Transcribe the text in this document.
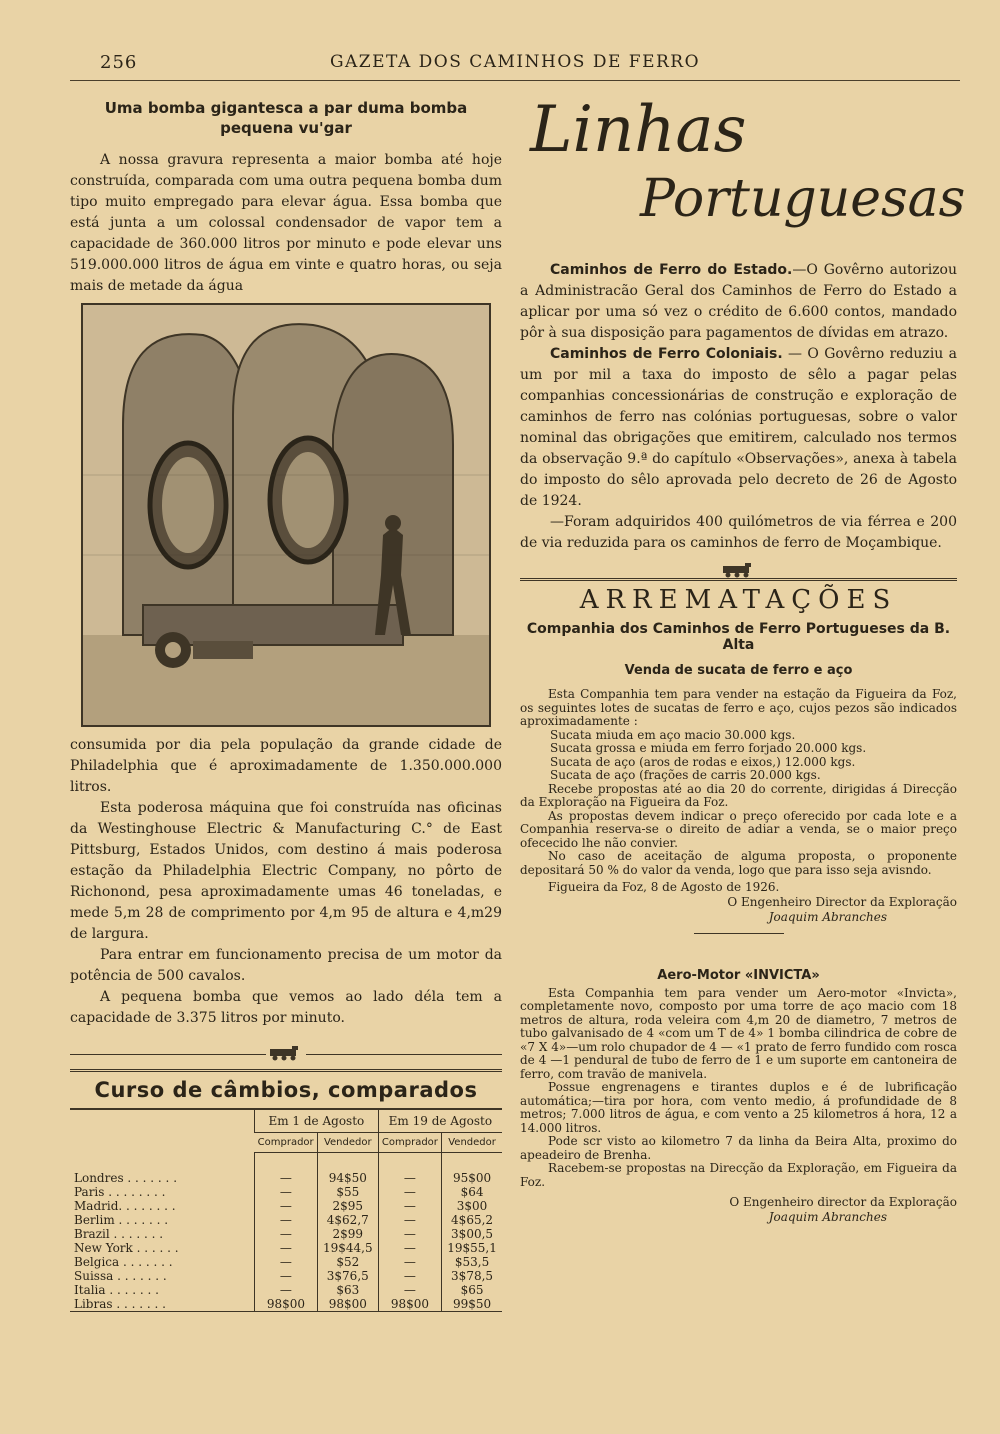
256	GAZETA DOS CAMINHOS DE FERRO
Uma bomba gigantesca a par duma bomba
pequena vu'gar

A nossa gravura representa a maior bomba até hoje construída, comparada com uma outra pequena bomba dum tipo muito empregado para elevar água. Essa bomba que está junta a um colossal condensador de vapor tem a capacidade de 360.000 litros por minuto e pode elevar uns 519.000.000 litros de água em vinte e quatro horas, ou seja mais de metade da água

consumida por dia pela população da grande cidade de Philadelphia que é aproximadamente de 1.350.000.000 litros.

Esta poderosa máquina que foi construída nas oficinas da Westinghouse Electric & Manufacturing C.° de East Pittsburg, Estados Unidos, com destino á mais poderosa estação da Philadelphia Electric Company, no pôrto de Richonond, pesa aproximadamente umas 46 toneladas, e mede 5,m 28 de comprimento por 4,m 95 de altura e 4,m29 de largura.

Para entrar em funcionamento precisa de um motor da potência de 500 cavalos.

A pequena bomba que vemos ao lado déla tem a capacidade de 3.375 litros por minuto.

Curso de câmbios, comparados
	Em 1 de Agosto		Em 19 de Agosto	
	Comprador	Vendedor	Comprador	Vendedor

Londres . . . . . . .	—	94$50	—	95$00
Paris . . . . . . . .	—	$55	—	$64
Madrid. . . . . . . .	—	2$95	—	3$00
Berlim . . . . . . .	—	4$62,7	—	4$65,2
Brazil . . . . . . .	—	2$99	—	3$00,5
New York . . . . . .	—	19$44,5	—	19$55,1
Belgica . . . . . . .	—	$52	—	$53,5
Suissa . . . . . . .	—	3$76,5	—	3$78,5
Italia . . . . . . .	—	$63	—	$65
Libras . . . . . . .	98$00	98$00	98$00	99$50
Linhas
Portuguesas

Caminhos de Ferro do Estado.—O Govêrno autorizou a Administracão Geral dos Caminhos de Ferro do Estado a aplicar por uma só vez o crédito de 6.600 contos, mandado pôr à sua disposição para pagamentos de dívidas em atrazo.

Caminhos de Ferro Coloniais. — O Govêrno reduziu a um por mil a taxa do imposto de sêlo a pagar pelas companhias concessionárias de construção e exploração de caminhos de ferro nas colónias portuguesas, sobre o valor nominal das obrigações que emitirem, calculado nos termos da observação 9.ª do capítulo «Observações», anexa à tabela do imposto do sêlo aprovada pelo decreto de 26 de Agosto de 1924.

—Foram adquiridos 400 quilómetros de via férrea e 200 de via reduzida para os caminhos de ferro de Moçambique.

ARREMATAÇÕES
Companhia dos Caminhos de Ferro Portugueses da B. Alta
Venda de sucata de ferro e aço

Esta Companhia tem para vender na estação da Figueira da Foz, os seguintes lotes de sucatas de ferro e aço, cujos pezos são indicados aproximadamente :

Sucata miuda em aço macio 30.000 kgs.

Sucata grossa e miuda em ferro forjado 20.000 kgs.

Sucata de aço (aros de rodas e eixos,) 12.000 kgs.

Sucata de aço (frações de carris 20.000 kgs.

Recebe propostas até ao dia 20 do corrente, dirigidas á Direcção da Exploração na Figueira da Foz.

As propostas devem indicar o preço oferecido por cada lote e a Companhia reserva-se o direito de adiar a venda, se o maior preço ofececido lhe não convier.

No caso de aceitação de alguma proposta, o proponente depositará 50 % do valor da venda, logo que para isso seja avisndo.

Figueira da Foz, 8 de Agosto de 1926.

O Engenheiro Director da Exploração

Joaquim Abranches

Aero-Motor «INVICTA»

Esta Companhia tem para vender um Aero-motor «Invicta», completamente novo, composto por uma torre de aço macio com 18 metros de altura, roda veleira com 4,m 20 de diametro, 7 metros de tubo galvanisado de 4 «com um T de 4» 1 bomba cilindrica de cobre de «7 X 4»—um rolo chupador de 4 — «1 prato de ferro fundido com rosca de 4 —1 pendural de tubo de ferro de 1 e um suporte em cantoneira de ferro, com travão de manivela.

Possue engrenagens e tirantes duplos e é de lubrificação automática;—tira por hora, com vento medio, á profundidade de 8 metros; 7.000 litros de água, e com vento a 25 kilometros á hora, 12 a 14.000 litros.

Pode scr visto ao kilometro 7 da linha da Beira Alta, proximo do apeadeiro de Brenha.

Racebem-se propostas na Direcção da Exploração, em Figueira da Foz.

O Engenheiro director da Exploração

Joaquim Abranches
